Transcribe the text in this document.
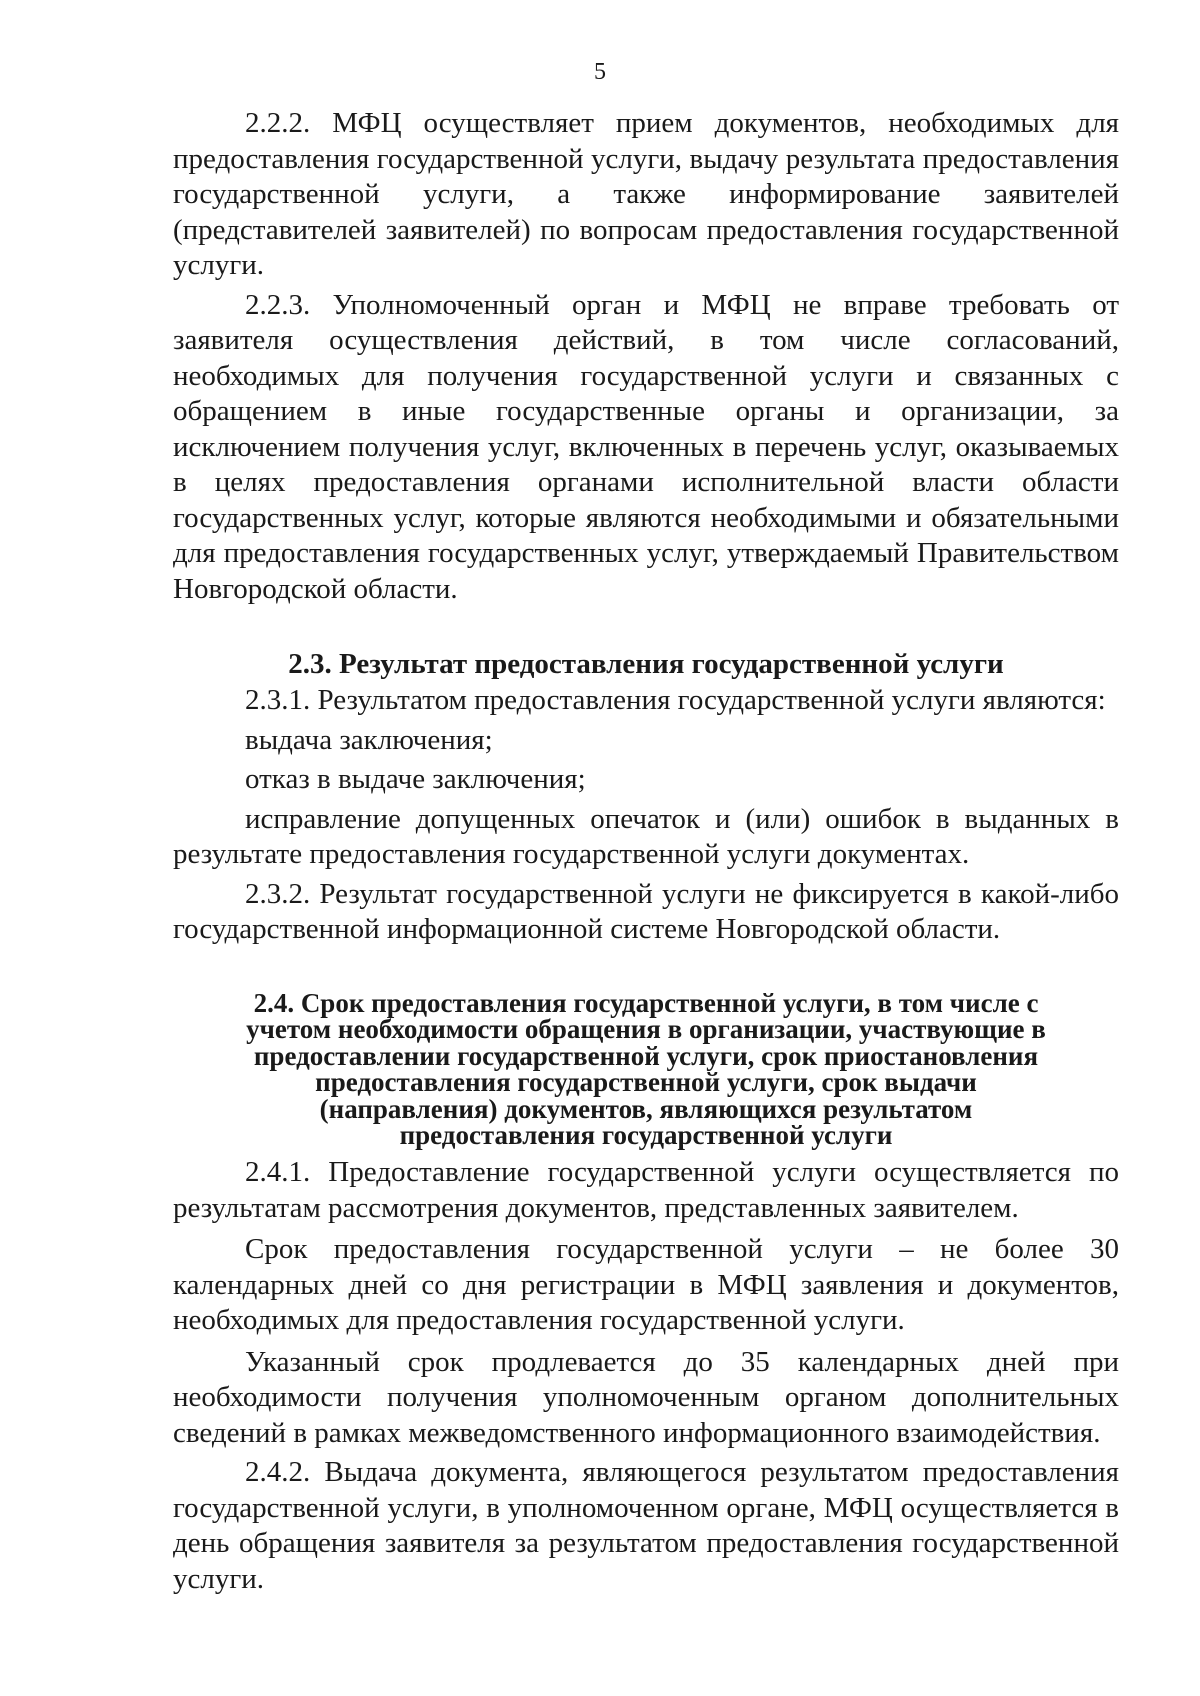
5

2.2.2. МФЦ осуществляет прием документов, необходимых для предоставления государственной услуги, выдачу результата предоставления государственной услуги, а также информирование заявителей (представителей заявителей) по вопросам предоставления государственной услуги.

2.2.3. Уполномоченный орган и МФЦ не вправе требовать от заявителя осуществления действий, в том числе согласований, необходимых для получения государственной услуги и связанных с обращением в иные государственные органы и организации, за исключением получения услуг, включенных в перечень услуг, оказываемых в целях предоставления органами исполнительной власти области государственных услуг, которые являются необходимыми и обязательными для предоставления государственных услуг, утверждаемый Правительством Новгородской области.

2.3. Результат предоставления государственной услуги

2.3.1. Результатом предоставления государственной услуги являются:

выдача заключения;

отказ в выдаче заключения;

исправление допущенных опечаток и (или) ошибок в выданных в результате предоставления государственной услуги документах.

2.3.2. Результат государственной услуги не фиксируется в какой-либо государственной информационной системе Новгородской области.

2.4. Срок предоставления государственной услуги, в том числе с учетом необходимости обращения в организации, участвующие в предоставлении государственной услуги, срок приостановления предоставления государственной услуги, срок выдачи (направления) документов, являющихся результатом предоставления государственной услуги

2.4.1. Предоставление государственной услуги осуществляется по результатам рассмотрения документов, представленных заявителем.

Срок предоставления государственной услуги – не более 30 календарных дней со дня регистрации в МФЦ заявления и документов, необходимых для предоставления государственной услуги.

Указанный срок продлевается до 35 календарных дней при необходимости получения уполномоченным органом дополнительных сведений в рамках межведомственного информационного взаимодействия.

2.4.2. Выдача документа, являющегося результатом предоставления государственной услуги, в уполномоченном органе, МФЦ осуществляется в день обращения заявителя за результатом предоставления государственной услуги.
